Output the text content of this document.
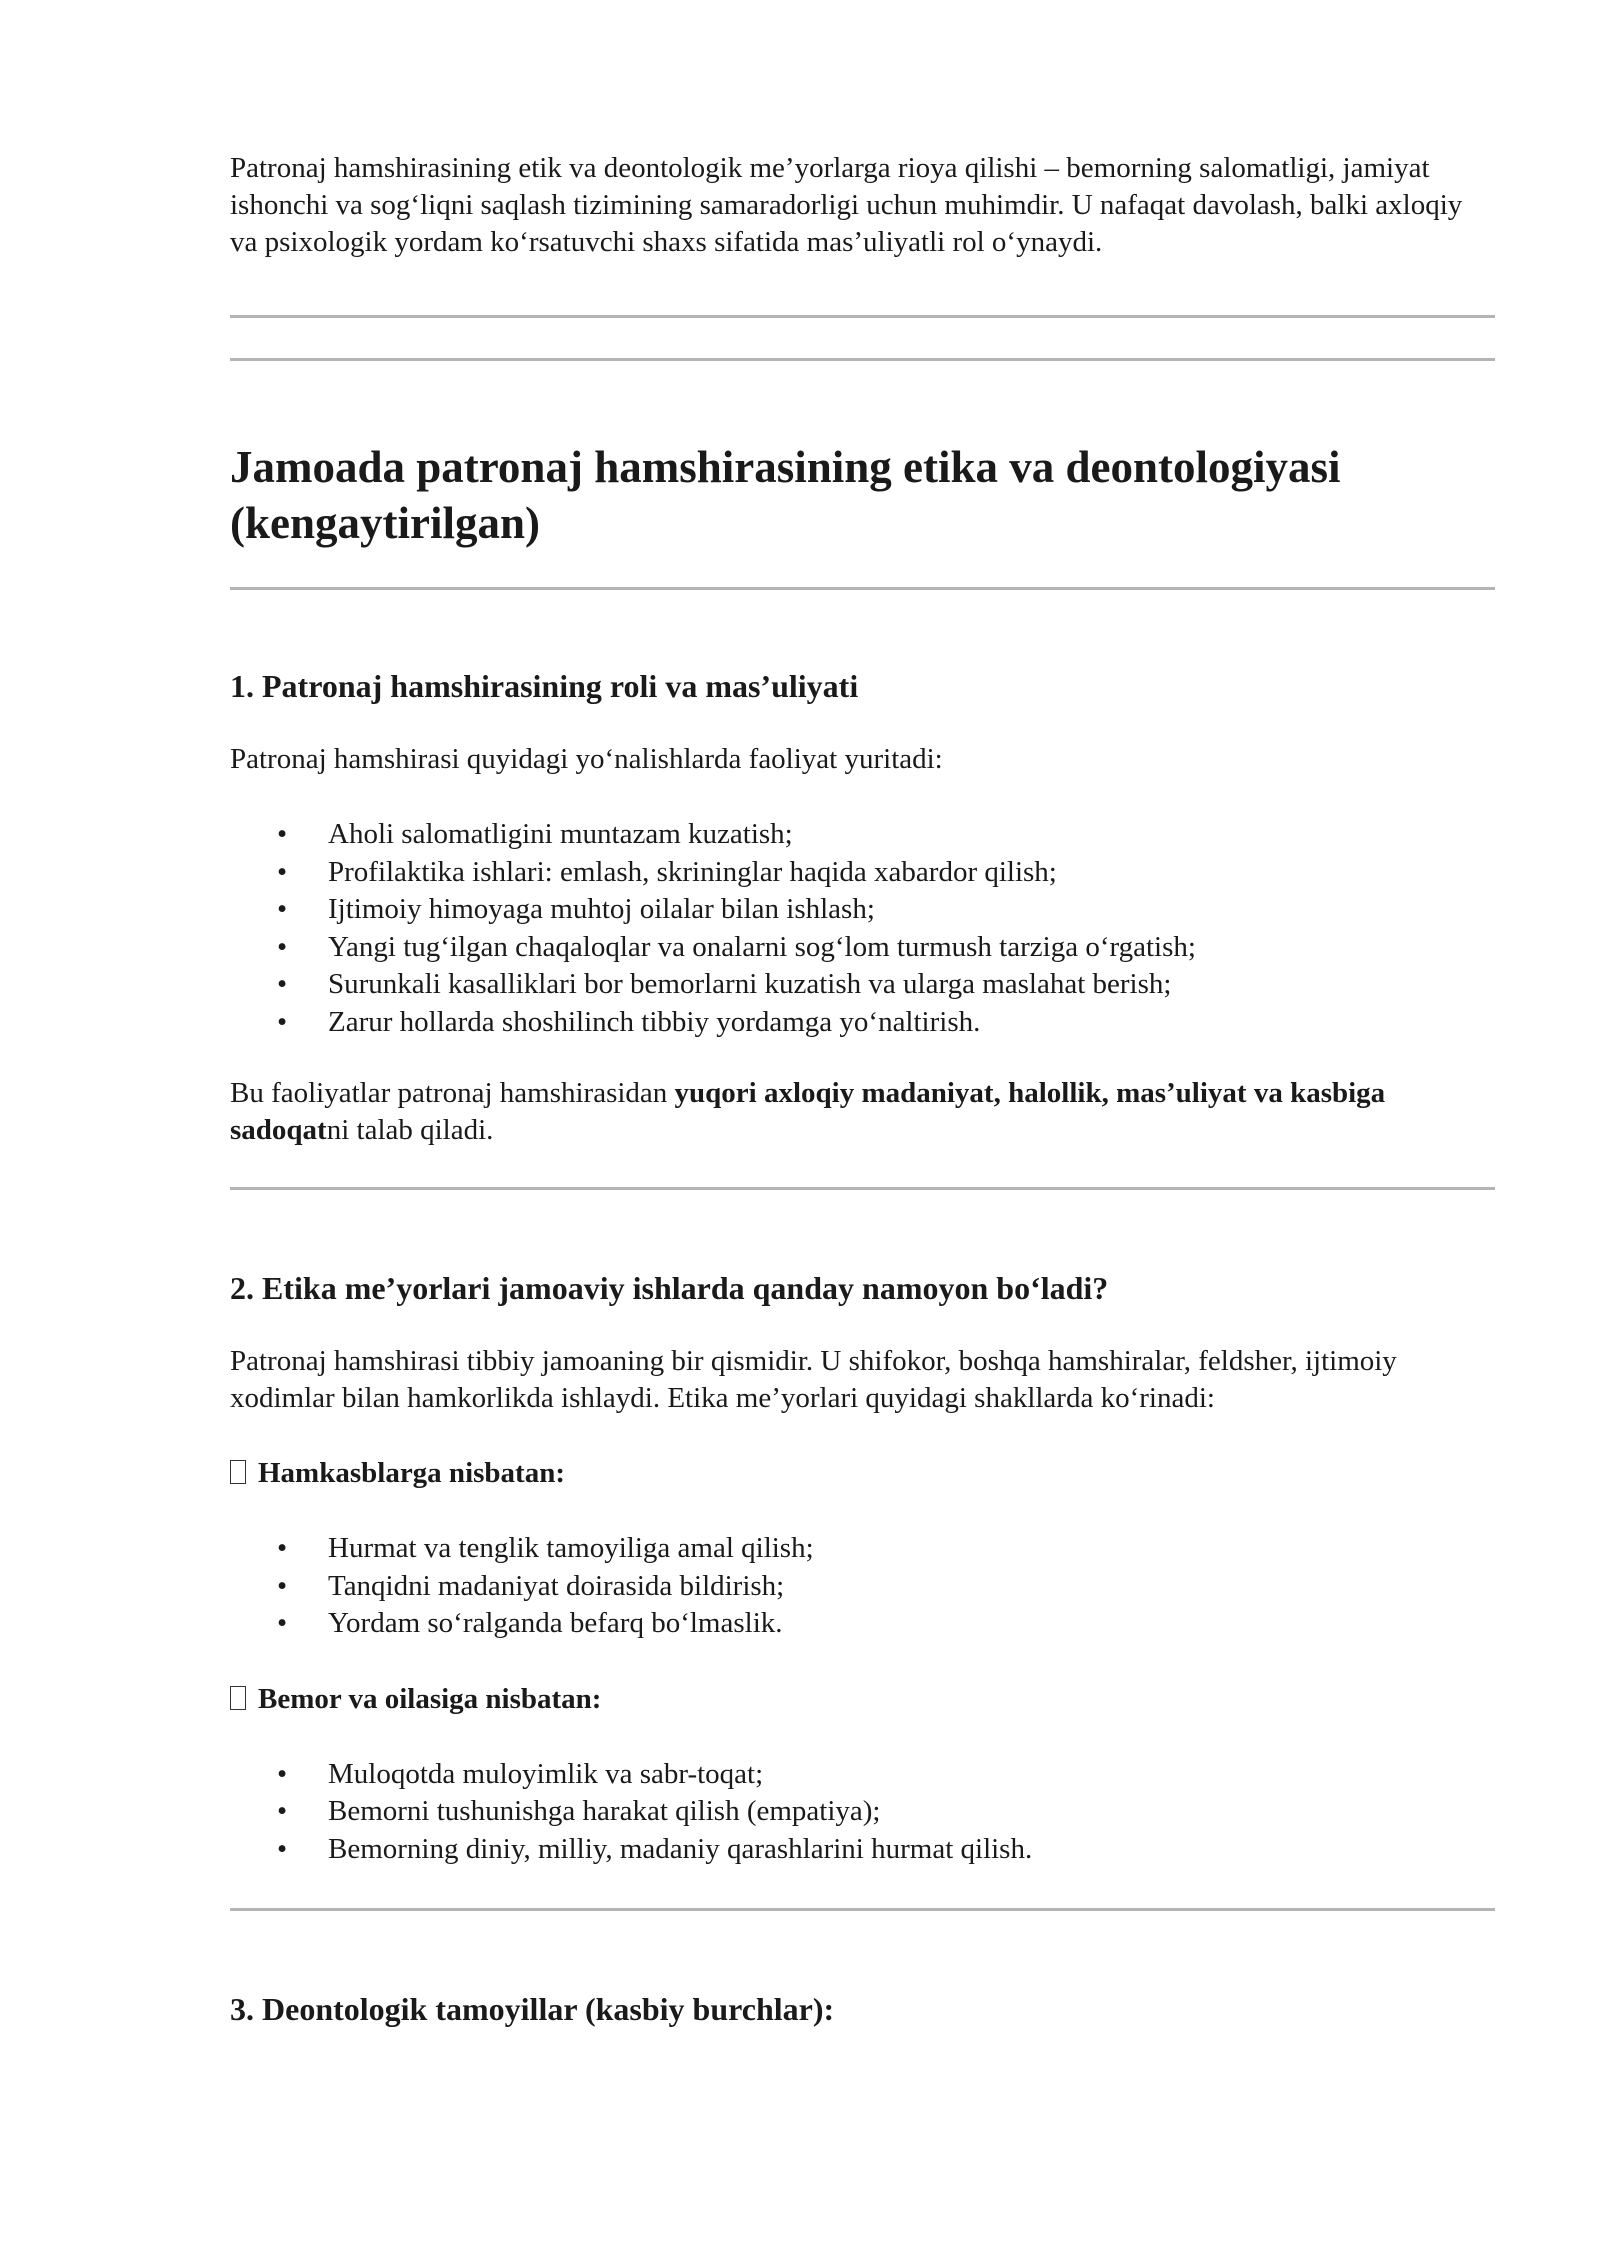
Patronaj hamshirasining etik va deontologik me’yorlarga rioya qilishi – bemorning salomatligi, jamiyat ishonchi va sog‘liqni saqlash tizimining samaradorligi uchun muhimdir. U nafaqat davolash, balki axloqiy va psixologik yordam ko‘rsatuvchi shaxs sifatida mas’uliyatli rol o‘ynaydi.

Jamoada patronaj hamshirasining etika va deontologiyasi (kengaytirilgan)
1. Patronaj hamshirasining roli va mas’uliyati

Patronaj hamshirasi quyidagi yo‘nalishlarda faoliyat yuritadi:

• Aholi salomatligini muntazam kuzatish;
• Profilaktika ishlari: emlash, skrininglar haqida xabardor qilish;
• Ijtimoiy himoyaga muhtoj oilalar bilan ishlash;
• Yangi tug‘ilgan chaqaloqlar va onalarni sog‘lom turmush tarziga o‘rgatish;
• Surunkali kasalliklari bor bemorlarni kuzatish va ularga maslahat berish;
• Zarur hollarda shoshilinch tibbiy yordamga yo‘naltirish.

Bu faoliyatlar patronaj hamshirasidan yuqori axloqiy madaniyat, halollik, mas’uliyat va kasbiga sadoqatni talab qiladi.

2. Etika me’yorlari jamoaviy ishlarda qanday namoyon bo‘ladi?

Patronaj hamshirasi tibbiy jamoaning bir qismidir. U shifokor, boshqa hamshiralar, feldsher, ijtimoiy xodimlar bilan hamkorlikda ishlaydi. Etika me’yorlari quyidagi shakllarda ko‘rinadi:

Hamkasblarga nisbatan:

• Hurmat va tenglik tamoyiliga amal qilish;
• Tanqidni madaniyat doirasida bildirish;
• Yordam so‘ralganda befarq bo‘lmaslik.

Bemor va oilasiga nisbatan:

• Muloqotda muloyimlik va sabr-toqat;
• Bemorni tushunishga harakat qilish (empatiya);
• Bemorning diniy, milliy, madaniy qarashlarini hurmat qilish.
3. Deontologik tamoyillar (kasbiy burchlar):
